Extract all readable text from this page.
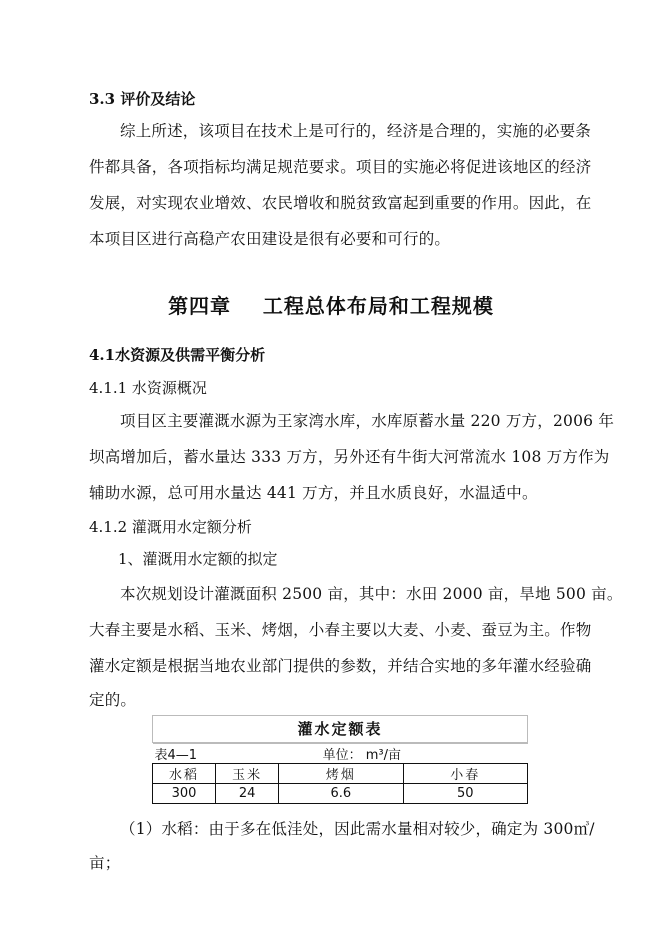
3.3 评价及结论
综上所述，该项目在技术上是可行的，经济是合理的，实施的必要条
件都具备，各项指标均满足规范要求。项目的实施必将促进该地区的经济
发展，对实现农业增效、农民增收和脱贫致富起到重要的作用。因此，在
本项目区进行高稳产农田建设是很有必要和可行的。
第四章    工程总体布局和工程规模
4.1水资源及供需平衡分析
4.1.1 水资源概况
项目区主要灌溉水源为王家湾水库，水库原蓄水量 220 万方，2006 年
坝高增加后，蓄水量达 333 万方，另外还有牛街大河常流水 108 万方作为
辅助水源，总可用水量达 441 万方，并且水质良好，水温适中。
4.1.2 灌溉用水定额分析
1、灌溉用水定额的拟定
本次规划设计灌溉面积 2500 亩，其中：水田 2000 亩，旱地 500 亩。
大春主要是水稻、玉米、烤烟，小春主要以大麦、小麦、蚕豆为主。作物
灌水定额是根据当地农业部门提供的参数，并结合实地的多年灌水经验确
定的。
灌水定额表
表4—1		单位： m³/亩	
水稻	玉米	烤烟	小春
300	24	6.6	50
（1）水稻：由于多在低洼处，因此需水量相对较少，确定为 300㎥/
亩；
